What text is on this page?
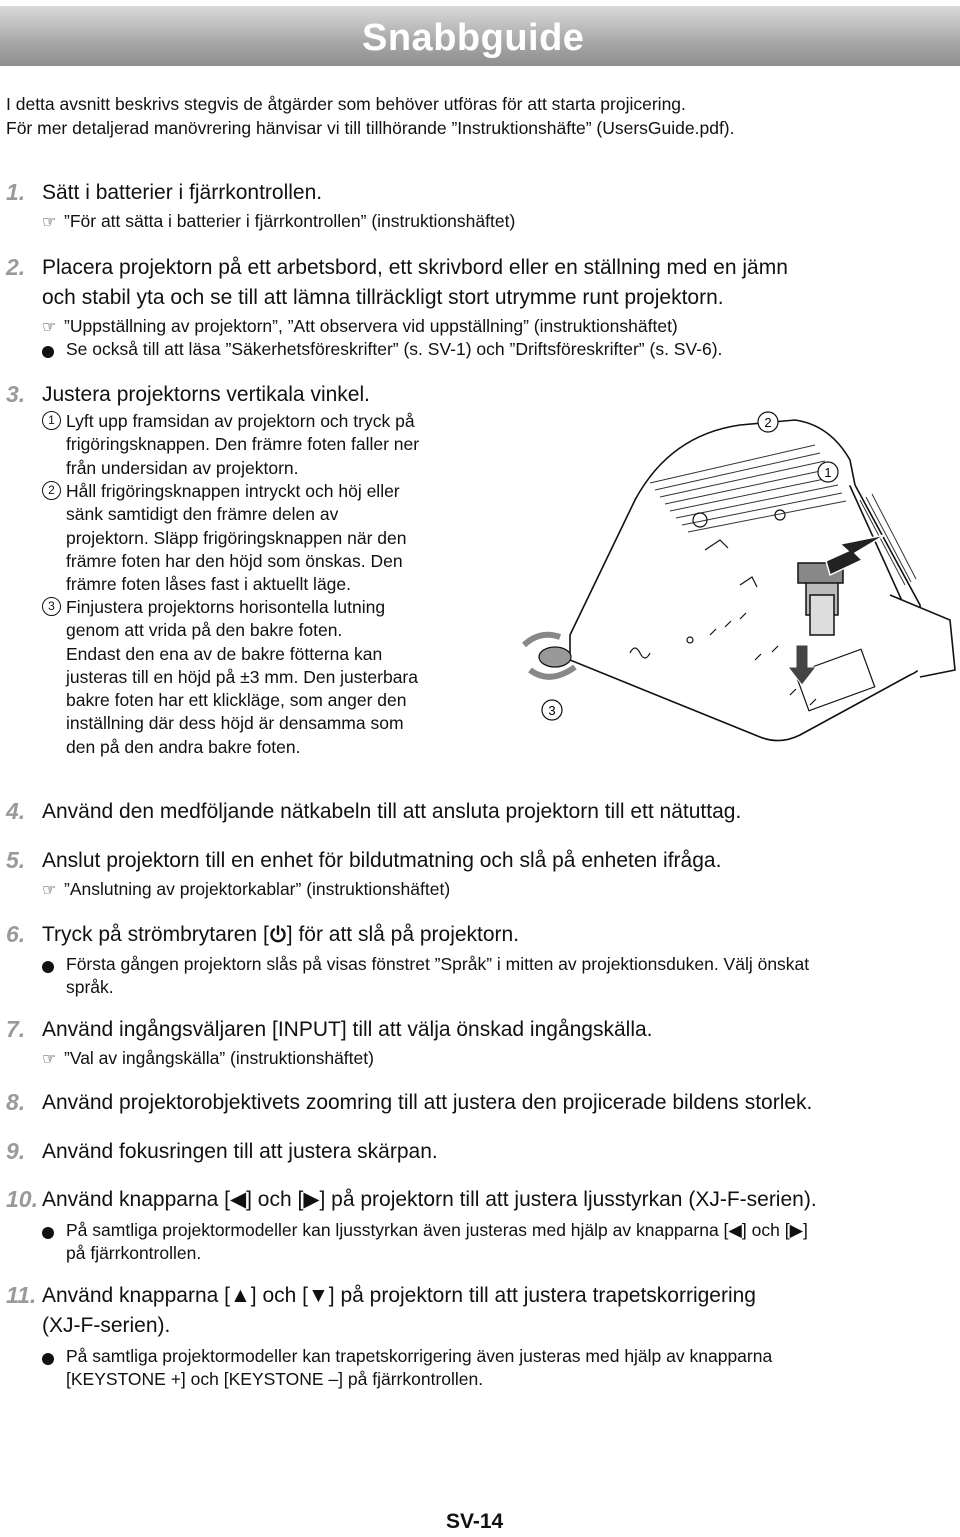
Snabbguide
I detta avsnitt beskrivs stegvis de åtgärder som behöver utföras för att starta projicering.
För mer detaljerad manövrering hänvisar vi till tillhörande ”Instruktionshäfte” (UsersGuide.pdf).
1. Sätt i batterier i fjärrkontrollen.
☞ ”För att sätta i batterier i fjärrkontrollen” (instruktionshäftet)
2. Placera projektorn på ett arbetsbord, ett skrivbord eller en ställning med en jämn
och stabil yta och se till att lämna tillräckligt stort utrymme runt projektorn.
☞ ”Uppställning av projektorn”, ”Att observera vid uppställning” (instruktionshäftet)
Se också till att läsa ”Säkerhetsföreskrifter” (s. SV-1) och ”Driftsföreskrifter” (s. SV-6).
3. Justera projektorns vertikala vinkel.
1 Lyft upp framsidan av projektorn och tryck på
frigöringsknappen. Den främre foten faller ner
från undersidan av projektorn.
2 Håll frigöringsknappen intryckt och höj eller
sänk samtidigt den främre delen av
projektorn. Släpp frigöringsknappen när den
främre foten har den höjd som önskas. Den
främre foten låses fast i aktuellt läge.
3 Finjustera projektorns horisontella lutning
genom att vrida på den bakre foten.
Endast den ena av de bakre fötterna kan
justeras till en höjd på ±3 mm. Den justerbara
bakre foten har ett klickläge, som anger den
inställning där dess höjd är densamma som
den på den andra bakre foten.
2
1
3
4. Använd den medföljande nätkabeln till att ansluta projektorn till ett nätuttag.
5. Anslut projektorn till en enhet för bildutmatning och slå på enheten ifråga.
☞ ”Anslutning av projektorkablar” (instruktionshäftet)
6. Tryck på strömbrytaren [ ] för att slå på projektorn.
Första gången projektorn slås på visas fönstret ”Språk” i mitten av projektionsduken. Välj önskat
språk.
7. Använd ingångsväljaren [INPUT] till att välja önskad ingångskälla.
☞ ”Val av ingångskälla” (instruktionshäftet)
8. Använd projektorobjektivets zoomring till att justera den projicerade bildens storlek.
9. Använd fokusringen till att justera skärpan.
10. Använd knapparna [◀] och [▶] på projektorn till att justera ljusstyrkan (XJ-F-serien).
På samtliga projektormodeller kan ljusstyrkan även justeras med hjälp av knapparna [◀] och [▶]
på fjärrkontrollen.
11. Använd knapparna [▲] och [▼] på projektorn till att justera trapetskorrigering
(XJ-F-serien).
På samtliga projektormodeller kan trapetskorrigering även justeras med hjälp av knapparna
[KEYSTONE +] och [KEYSTONE –] på fjärrkontrollen.
SV-14
